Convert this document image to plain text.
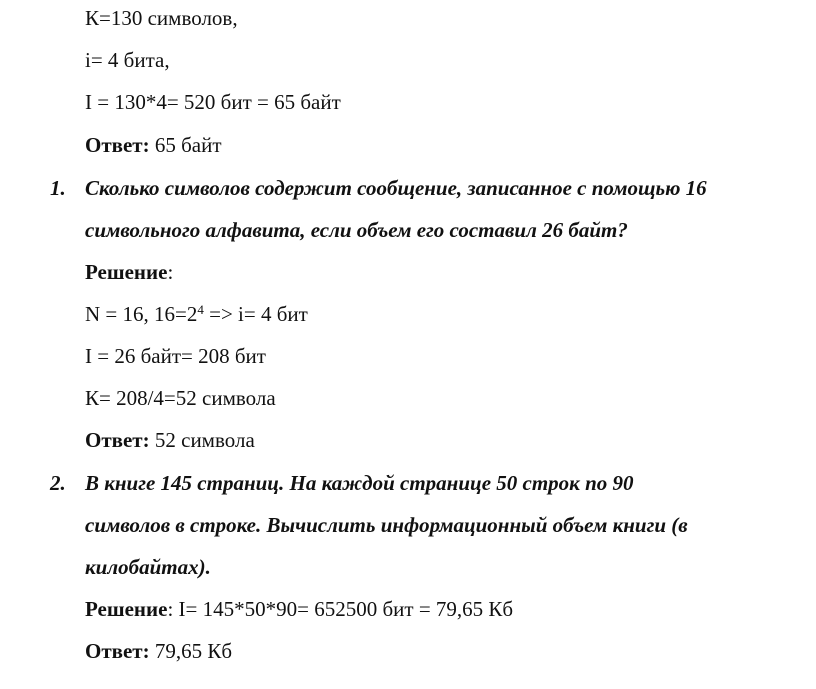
К=130 символов,
i= 4 бита,
I = 130*4= 520 бит = 65 байт
Ответ: 65 байт
1. Сколько символов содержит сообщение, записанное с помощью 16
символьного алфавита, если объем его составил 26 байт?
Решение:
N = 16, $16=2^4 => i= 4$ бит
I = 26 байт= 208 бит
К= 208/4=52 символа
Ответ: 52 символа
2. В книге 145 страниц. На каждой странице 50 строк по 90
символов в строке. Вычислить информационный объем книги (в
килобайтах).
Решение: I= 145*50*90= 652500 бит = 79,65 Кб
Ответ: 79,65 Кб
